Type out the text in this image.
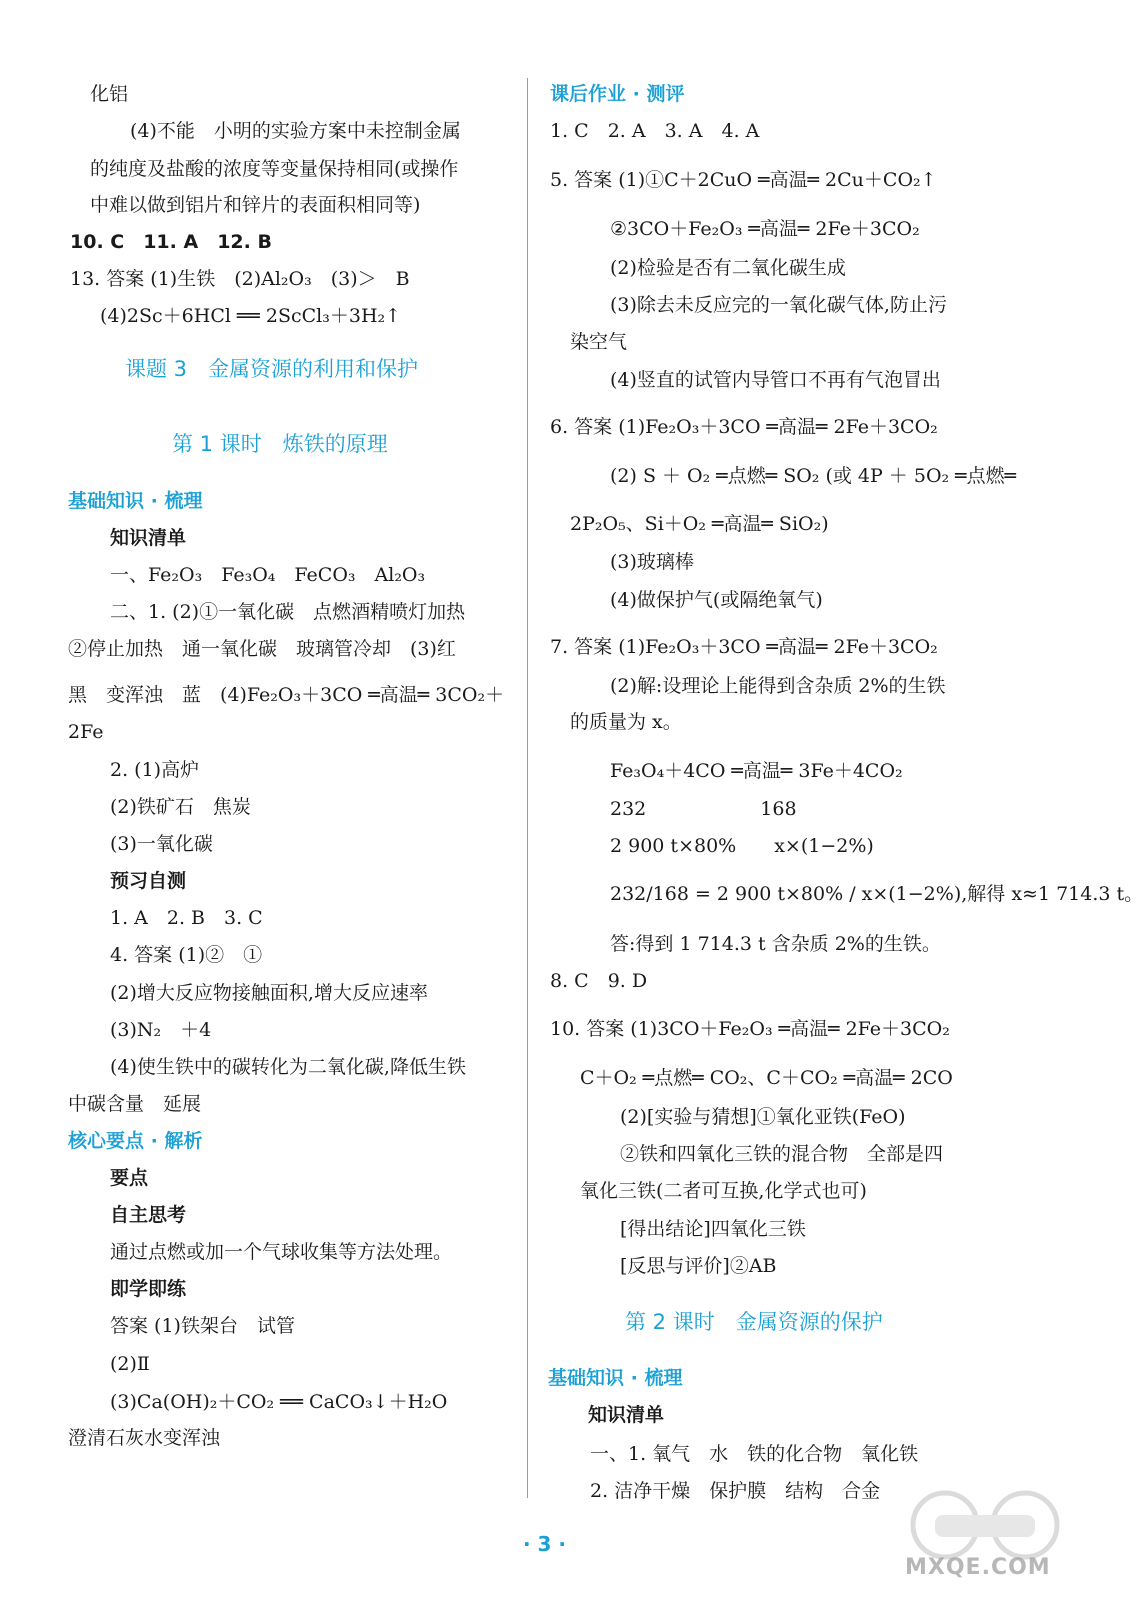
化铝
(4)不能　小明的实验方案中未控制金属
的纯度及盐酸的浓度等变量保持相同(或操作
中难以做到铝片和锌片的表面积相同等)
10. C　11. A　12. B
13. 答案 (1)生铁　(2)Al₂O₃　(3)＞　B
(4)2Sc＋6HCl ══ 2ScCl₃＋3H₂↑
课题 3　金属资源的利用和保护
第 1 课时　炼铁的原理
基础知识 · 梳理
知识清单
一、Fe₂O₃　Fe₃O₄　FeCO₃　Al₂O₃
二、1. (2)①一氧化碳　点燃酒精喷灯加热
②停止加热　通一氧化碳　玻璃管冷却　(3)红
黑　变浑浊　蓝　(4)Fe₂O₃＋3CO ═高温═ 3CO₂＋
2Fe
2. (1)高炉
(2)铁矿石　焦炭
(3)一氧化碳
预习自测
1. A　2. B　3. C
4. 答案 (1)②　①
(2)增大反应物接触面积,增大反应速率
(3)N₂　＋4
(4)使生铁中的碳转化为二氧化碳,降低生铁
中碳含量　延展
核心要点 · 解析
要点
自主思考
通过点燃或加一个气球收集等方法处理。
即学即练
答案 (1)铁架台　试管
(2)Ⅱ
(3)Ca(OH)₂＋CO₂ ══ CaCO₃↓＋H₂O
澄清石灰水变浑浊
课后作业 · 测评
1. C　2. A　3. A　4. A
5. 答案 (1)①C＋2CuO ═高温═ 2Cu＋CO₂↑
②3CO＋Fe₂O₃ ═高温═ 2Fe＋3CO₂
(2)检验是否有二氧化碳生成
(3)除去未反应完的一氧化碳气体,防止污
染空气
(4)竖直的试管内导管口不再有气泡冒出
6. 答案 (1)Fe₂O₃＋3CO ═高温═ 2Fe＋3CO₂
(2) S ＋ O₂ ═点燃═ SO₂ (或 4P ＋ 5O₂ ═点燃═
2P₂O₅、Si＋O₂ ═高温═ SiO₂)
(3)玻璃棒
(4)做保护气(或隔绝氧气)
7. 答案 (1)Fe₂O₃＋3CO ═高温═ 2Fe＋3CO₂
(2)解:设理论上能得到含杂质 2%的生铁
的质量为 x。
Fe₃O₄＋4CO ═高温═ 3Fe＋4CO₂
232　　　　　　168
2 900 t×80%　　x×(1−2%)
232/168 = 2 900 t×80% / x×(1−2%),解得 x≈1 714.3 t。
答:得到 1 714.3 t 含杂质 2%的生铁。
8. C　9. D
10. 答案 (1)3CO＋Fe₂O₃ ═高温═ 2Fe＋3CO₂
C＋O₂ ═点燃═ CO₂、C＋CO₂ ═高温═ 2CO
(2)[实验与猜想]①氧化亚铁(FeO)
②铁和四氧化三铁的混合物　全部是四
氧化三铁(二者可互换,化学式也可)
[得出结论]四氧化三铁
[反思与评价]②AB
第 2 课时　金属资源的保护
基础知识 · 梳理
知识清单
一、1. 氧气　水　铁的化合物　氧化铁
2. 洁净干燥　保护膜　结构　合金
· 3 ·
MXQE.COM
